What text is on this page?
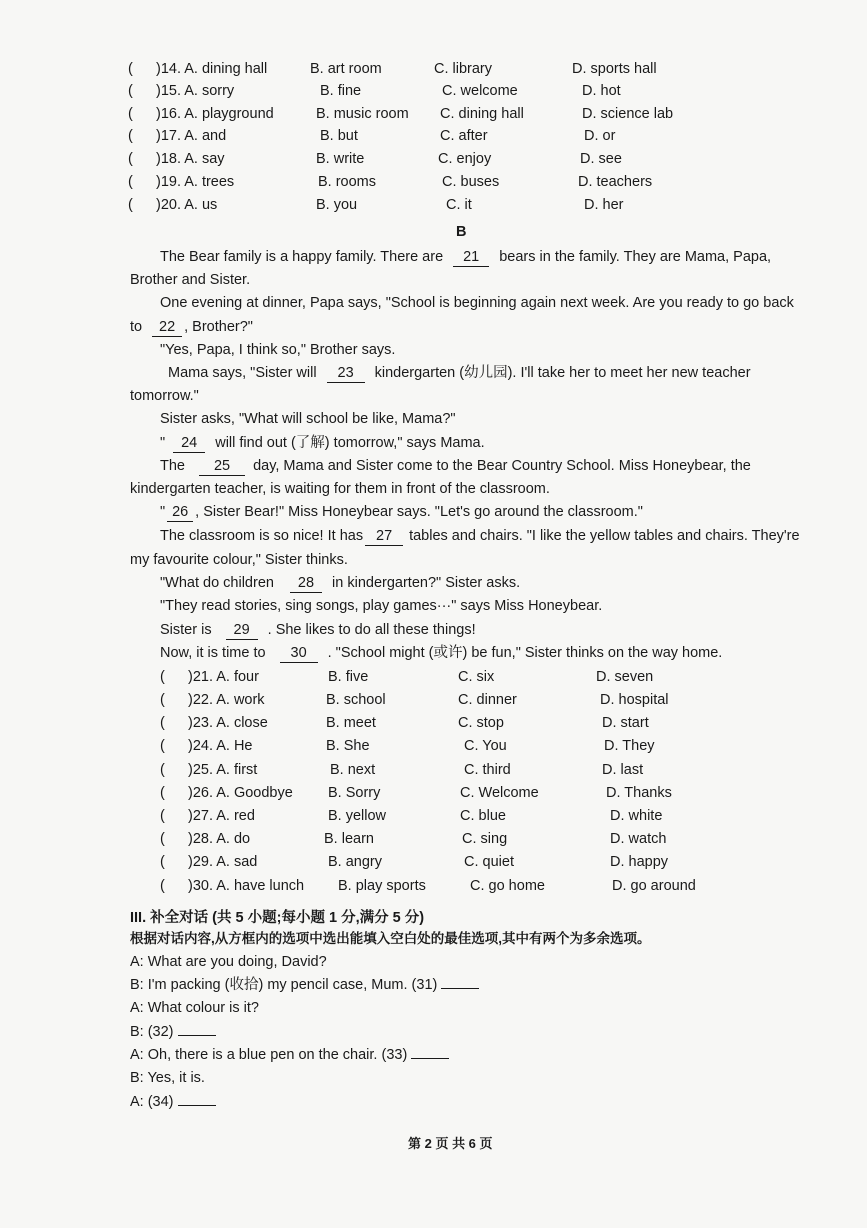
( )14. A. dining hall	B. art room	C. library	D. sports hall
( )15. A. sorry	B. fine	C. welcome	D. hot
( )16. A. playground	B. music room C. dining hall	D. science lab
( )17. A. and	B. but	C. after	D. or
( )18. A. say	B. write	C. enjoy	D. see
( )19. A. trees	B. rooms	C. buses	D. teachers
( )20. A. us	B. you	C. it	D. her
B
The Bear family is a happy family. There are 21 bears in the family. They are Mama, Papa,
Brother and Sister.
One evening at dinner, Papa says, "School is beginning again next week. Are you ready to go back
to 22 , Brother?"
"Yes, Papa, I think so," Brother says.
Mama says, "Sister will 23 kindergarten (幼儿园). I'll take her to meet her new teacher
tomorrow."
Sister asks, "What will school be like, Mama?"
" 24 will find out (了解) tomorrow," says Mama.
The 25 day, Mama and Sister come to the Bear Country School. Miss Honeybear, the
kindergarten teacher, is waiting for them in front of the classroom.
" 26 , Sister Bear!" Miss Honeybear says. "Let's go around the classroom."
The classroom is so nice! It has 27 tables and chairs. "I like the yellow tables and chairs. They're
my favourite colour," Sister thinks.
"What do children 28 in kindergarten?" Sister asks.
"They read stories, sing songs, play games···" says Miss Honeybear.
Sister is 29 . She likes to do all these things!
Now, it is time to 30 . "School might (或许) be fun," Sister thinks on the way home.
( )21. A. four	B. five	C. six	D. seven
( )22. A. work	B. school	C. dinner	D. hospital
( )23. A. close	B. meet	C. stop	D. start
( )24. A. He	B. She	C. You	D. They
( )25. A. first	B. next	C. third	D. last
( )26. A. Goodbye B. Sorry	C. Welcome	D. Thanks
( )27. A. red	B. yellow	C. blue	D. white
( )28. A. do	B. learn	C. sing	D. watch
( )29. A. sad	B. angry	C. quiet	D. happy
( )30. A. have lunch B. play sports	C. go home	D. go around
III. 补全对话 (共 5 小题;每小题 1 分,满分 5 分)
根据对话内容,从方框内的选项中选出能填入空白处的最佳选项,其中有两个为多余选项。
A: What are you doing, David?
B: I'm packing (收拾) my pencil case, Mum. (31)
A: What colour is it?
B: (32)
A: Oh, there is a blue pen on the chair. (33)
B: Yes, it is.
A: (34)
第 2 页 共 6 页
